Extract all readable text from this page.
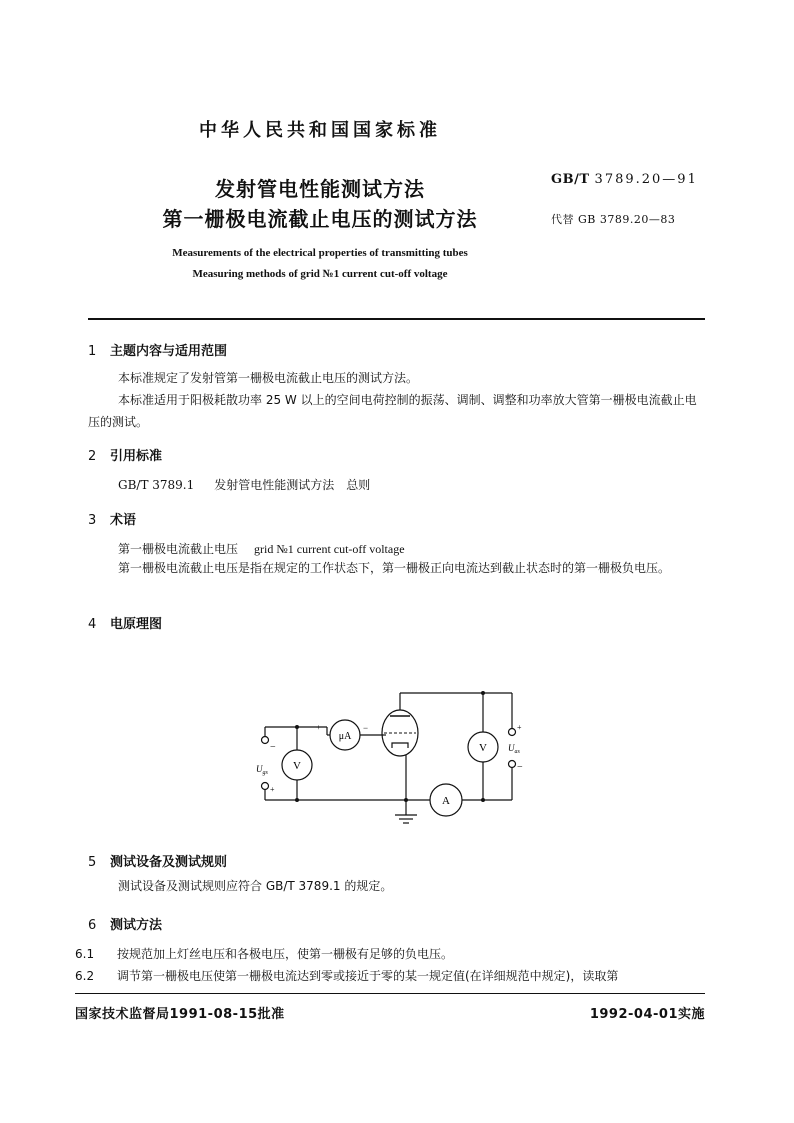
中华人民共和国国家标准
发射管电性能测试方法
第一栅极电流截止电压的测试方法
GB/T 3789.20—91
代替 GB 3789.20—83
Measurements of the electrical properties of transmitting tubes
Measuring methods of grid №1 current cut-off voltage
1 主题内容与适用范围
本标准规定了发射管第一栅极电流截止电压的测试方法。
本标准适用于阳极耗散功率 25 W 以上的空间电荷控制的振荡、调制、调整和功率放大管第一栅极电流截止电压的测试。
2 引用标准
GB/T 3789.1 发射管电性能测试方法　总则
3 术语
第一栅极电流截止电压 grid №1 current cut-off voltage
第一栅极电流截止电压是指在规定的工作状态下，第一栅极正向电流达到截止状态时的第一栅极负电压。
4 电原理图
μA
V
V
A
+	−
−
+
$U_{gs}$
+
−
$U_{as}$
5 测试设备及测试规则
测试设备及测试规则应符合 GB/T 3789.1 的规定。
6 测试方法
6.1 按规范加上灯丝电压和各极电压，使第一栅极有足够的负电压。
6.2 调节第一栅极电压使第一栅极电流达到零或接近于零的某一规定值(在详细规范中规定)，读取第
国家技术监督局1991-08-15批准	1992-04-01实施
